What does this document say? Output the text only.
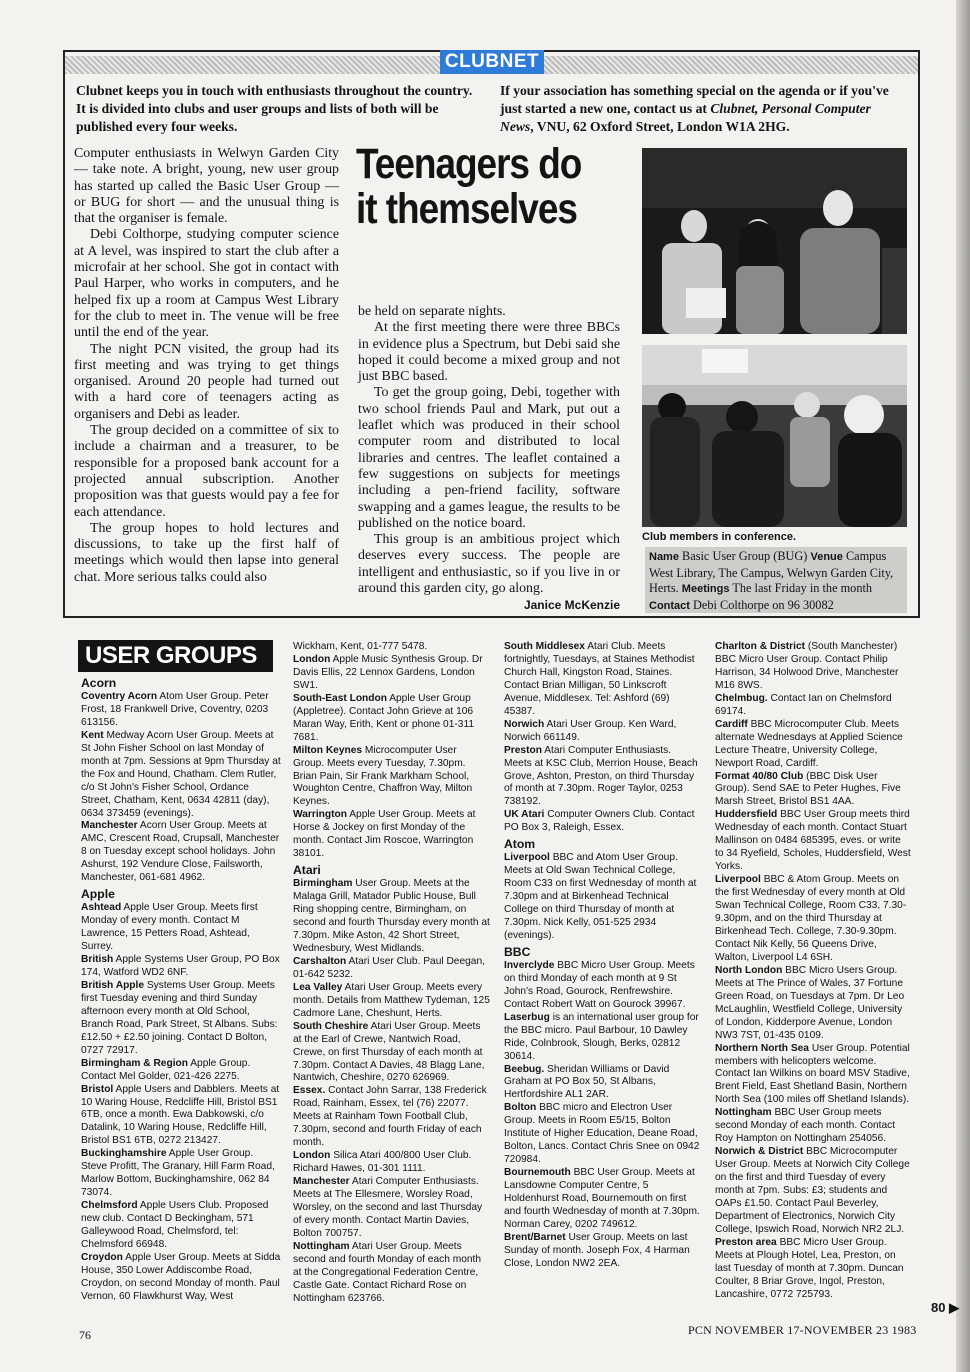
CLUBNET
Clubnet keeps you in touch with enthusiasts throughout the country. It is divided into clubs and user groups and lists of both will be published every four weeks.
If your association has something special on the agenda or if you've just started a new one, contact us at Clubnet, Personal Computer News, VNU, 62 Oxford Street, London W1A 2HG.
Teenagers do it themselves

Computer enthusiasts in Welwyn Garden City — take note. A bright, young, new user group has started up called the Basic User Group — or BUG for short — and the unusual thing is that the organiser is female.

Debi Colthorpe, studying computer science at A level, was inspired to start the club after a microfair at her school. She got in contact with Paul Harper, who works in computers, and he helped fix up a room at Campus West Library for the club to meet in. The venue will be free until the end of the year.

The night PCN visited, the group had its first meeting and was trying to get things organised. Around 20 people had turned out with a hard core of teenagers acting as organisers and Debi as leader.

The group decided on a committee of six to include a chairman and a treasurer, to be responsible for a proposed bank account for a projected annual subscription. Another proposition was that guests would pay a fee for each attendance.

The group hopes to hold lectures and discussions, to take up the first half of meetings which would then lapse into general chat. More serious talks could also

be held on separate nights.

At the first meeting there were three BBCs in evidence plus a Spectrum, but Debi said she hoped it could become a mixed group and not just BBC based.

To get the group going, Debi, together with two school friends Paul and Mark, put out a leaflet which was produced in their school computer room and distributed to local libraries and centres. The leaflet contained a few suggestions on subjects for meetings including a pen-friend facility, software swapping and a games league, the results to be published on the notice board.

This group is an ambitious project which deserves every success. The people are intelligent and enthusiastic, so if you live in or around this garden city, go along.

Janice McKenzie
Club members in conference.
Name Basic User Group (BUG) Venue Campus West Library, The Campus, Welwyn Garden City, Herts. Meetings The last Friday in the month Contact Debi Colthorpe on 96 30082
USER GROUPS
Acorn

Coventry Acorn Atom User Group. Peter Frost, 18 Frankwell Drive, Coventry, 0203 613156.

Kent Medway Acorn User Group. Meets at St John Fisher School on last Monday of month at 7pm. Sessions at 9pm Thursday at the Fox and Hound, Chatham. Clem Rutler, c/o St John's Fisher School, Ordance Street, Chatham, Kent, 0634 42811 (day), 0634 373459 (evenings).

Manchester Acorn User Group. Meets at AMC, Crescent Road, Crupsall, Manchester 8 on Tuesday except school holidays. John Ashurst, 192 Vendure Close, Failsworth, Manchester, 061-681 4962.

Apple

Ashtead Apple User Group. Meets first Monday of every month. Contact M Lawrence, 15 Petters Road, Ashtead, Surrey.

British Apple Systems User Group, PO Box 174, Watford WD2 6NF.

British Apple Systems User Group. Meets first Tuesday evening and third Sunday afternoon every month at Old School, Branch Road, Park Street, St Albans. Subs: £12.50 + £2.50 joining. Contact D Bolton, 0727 72917.

Birmingham & Region Apple Group. Contact Mel Golder, 021-426 2275.

Bristol Apple Users and Dabblers. Meets at 10 Waring House, Redcliffe Hill, Bristol BS1 6TB, once a month. Ewa Dabkowski, c/o Datalink, 10 Waring House, Redcliffe Hill, Bristol BS1 6TB, 0272 213427.

Buckinghamshire Apple User Group. Steve Profitt, The Granary, Hill Farm Road, Marlow Bottom, Buckinghamshire, 062 84 73074.

Chelmsford Apple Users Club. Proposed new club. Contact D Beckingham, 571 Galleywood Road, Chelmsford, tel: Chelmsford 66948.

Croydon Apple User Group. Meets at Sidda House, 350 Lower Addiscombe Road, Croydon, on second Monday of month. Paul Vernon, 60 Flawkhurst Way, West

Wickham, Kent, 01-777 5478.

London Apple Music Synthesis Group. Dr Davis Ellis, 22 Lennox Gardens, London SW1.

South-East London Apple User Group (Appletree). Contact John Grieve at 106 Maran Way, Erith, Kent or phone 01-311 7681.

Milton Keynes Microcomputer User Group. Meets every Tuesday, 7.30pm. Brian Pain, Sir Frank Markham School, Woughton Centre, Chaffron Way, Milton Keynes.

Warrington Apple User Group. Meets at Horse & Jockey on first Monday of the month. Contact Jim Roscoe, Warrington 38101.

Atari

Birmingham User Group. Meets at the Malaga Grill, Matador Public House, Bull Ring shopping centre, Birmingham, on second and fourth Thursday every month at 7.30pm. Mike Aston, 42 Short Street, Wednesbury, West Midlands.

Carshalton Atari User Club. Paul Deegan, 01-642 5232.

Lea Valley Atari User Group. Meets every month. Details from Matthew Tydeman, 125 Cadmore Lane, Cheshunt, Herts.

South Cheshire Atari User Group. Meets at the Earl of Crewe, Nantwich Road, Crewe, on first Thursday of each month at 7.30pm. Contact A Davies, 48 Blagg Lane, Nantwich, Cheshire, 0270 626969.

Essex. Contact John Sarrar, 138 Frederick Road, Rainham, Essex, tel (76) 22077. Meets at Rainham Town Football Club, 7.30pm, second and fourth Friday of each month.

London Silica Atari 400/800 User Club. Richard Hawes, 01-301 1111.

Manchester Atari Computer Enthusiasts. Meets at The Ellesmere, Worsley Road, Worsley, on the second and last Thursday of every month. Contact Martin Davies, Bolton 700757.

Nottingham Atari User Group. Meets second and fourth Monday of each month at the Congregational Federation Centre, Castle Gate. Contact Richard Rose on Nottingham 623766.

South Middlesex Atari Club. Meets fortnightly, Tuesdays, at Staines Methodist Church Hall, Kingston Road, Staines. Contact Brian Milligan, 50 Linkscroft Avenue, Middlesex. Tel: Ashford (69) 45387.

Norwich Atari User Group. Ken Ward, Norwich 661149.

Preston Atari Computer Enthusiasts. Meets at KSC Club, Merrion House, Beach Grove, Ashton, Preston, on third Thursday of month at 7.30pm. Roger Taylor, 0253 738192.

UK Atari Computer Owners Club. Contact PO Box 3, Raleigh, Essex.

Atom

Liverpool BBC and Atom User Group. Meets at Old Swan Technical College, Room C33 on first Wednesday of month at 7.30pm and at Birkenhead Technical College on third Thursday of month at 7.30pm. Nick Kelly, 051-525 2934 (evenings).

BBC

Inverclyde BBC Micro User Group. Meets on third Monday of each month at 9 St John's Road, Gourock, Renfrewshire. Contact Robert Watt on Gourock 39967.

Laserbug is an international user group for the BBC micro. Paul Barbour, 10 Dawley Ride, Colnbrook, Slough, Berks, 02812 30614.

Beebug. Sheridan Williams or David Graham at PO Box 50, St Albans, Hertfordshire AL1 2AR.

Bolton BBC micro and Electron User Group. Meets in Room E5/15, Bolton Institute of Higher Education, Deane Road, Bolton, Lancs. Contact Chris Snee on 0942 720984.

Bournemouth BBC User Group. Meets at Lansdowne Computer Centre, 5 Holdenhurst Road, Bournemouth on first and fourth Wednesday of month at 7.30pm. Norman Carey, 0202 749612.

Brent/Barnet User Group. Meets on last Sunday of month. Joseph Fox, 4 Harman Close, London NW2 2EA.

Charlton & District (South Manchester) BBC Micro User Group. Contact Philip Harrison, 34 Holwood Drive, Manchester M16 8WS.

Chelmbug. Contact Ian on Chelmsford 69174.

Cardiff BBC Microcomputer Club. Meets alternate Wednesdays at Applied Science Lecture Theatre, University College, Newport Road, Cardiff.

Format 40/80 Club (BBC Disk User Group). Send SAE to Peter Hughes, Five Marsh Street, Bristol BS1 4AA.

Huddersfield BBC User Group meets third Wednesday of each month. Contact Stuart Mallinson on 0484 685395, eves. or write to 34 Ryefield, Scholes, Huddersfield, West Yorks.

Liverpool BBC & Atom Group. Meets on the first Wednesday of every month at Old Swan Technical College, Room C33, 7.30-9.30pm, and on the third Thursday at Birkenhead Tech. College, 7.30-9.30pm. Contact Nik Kelly, 56 Queens Drive, Walton, Liverpool L4 6SH.

North London BBC Micro Users Group. Meets at The Prince of Wales, 37 Fortune Green Road, on Tuesdays at 7pm. Dr Leo McLaughlin, Westfield College, University of London, Kidderpore Avenue, London NW3 7ST, 01-435 0109.

Northern North Sea User Group. Potential members with helicopters welcome. Contact Ian Wilkins on board MSV Stadive, Brent Field, East Shetland Basin, Northern North Sea (100 miles off Shetland Islands).

Nottingham BBC User Group meets second Monday of each month. Contact Roy Hampton on Nottingham 254056.

Norwich & District BBC Microcomputer User Group. Meets at Norwich City College on the first and third Tuesday of every month at 7pm. Subs: £3; students and OAPs £1.50. Contact Paul Beverley, Department of Electronics, Norwich City College, Ipswich Road, Norwich NR2 2LJ.

Preston area BBC Micro User Group. Meets at Plough Hotel, Lea, Preston, on last Tuesday of month at 7.30pm. Duncan Coulter, 8 Briar Grove, Ingol, Preston, Lancashire, 0772 725793.

76	PCN NOVEMBER 17-NOVEMBER 23 1983
80 ▶
